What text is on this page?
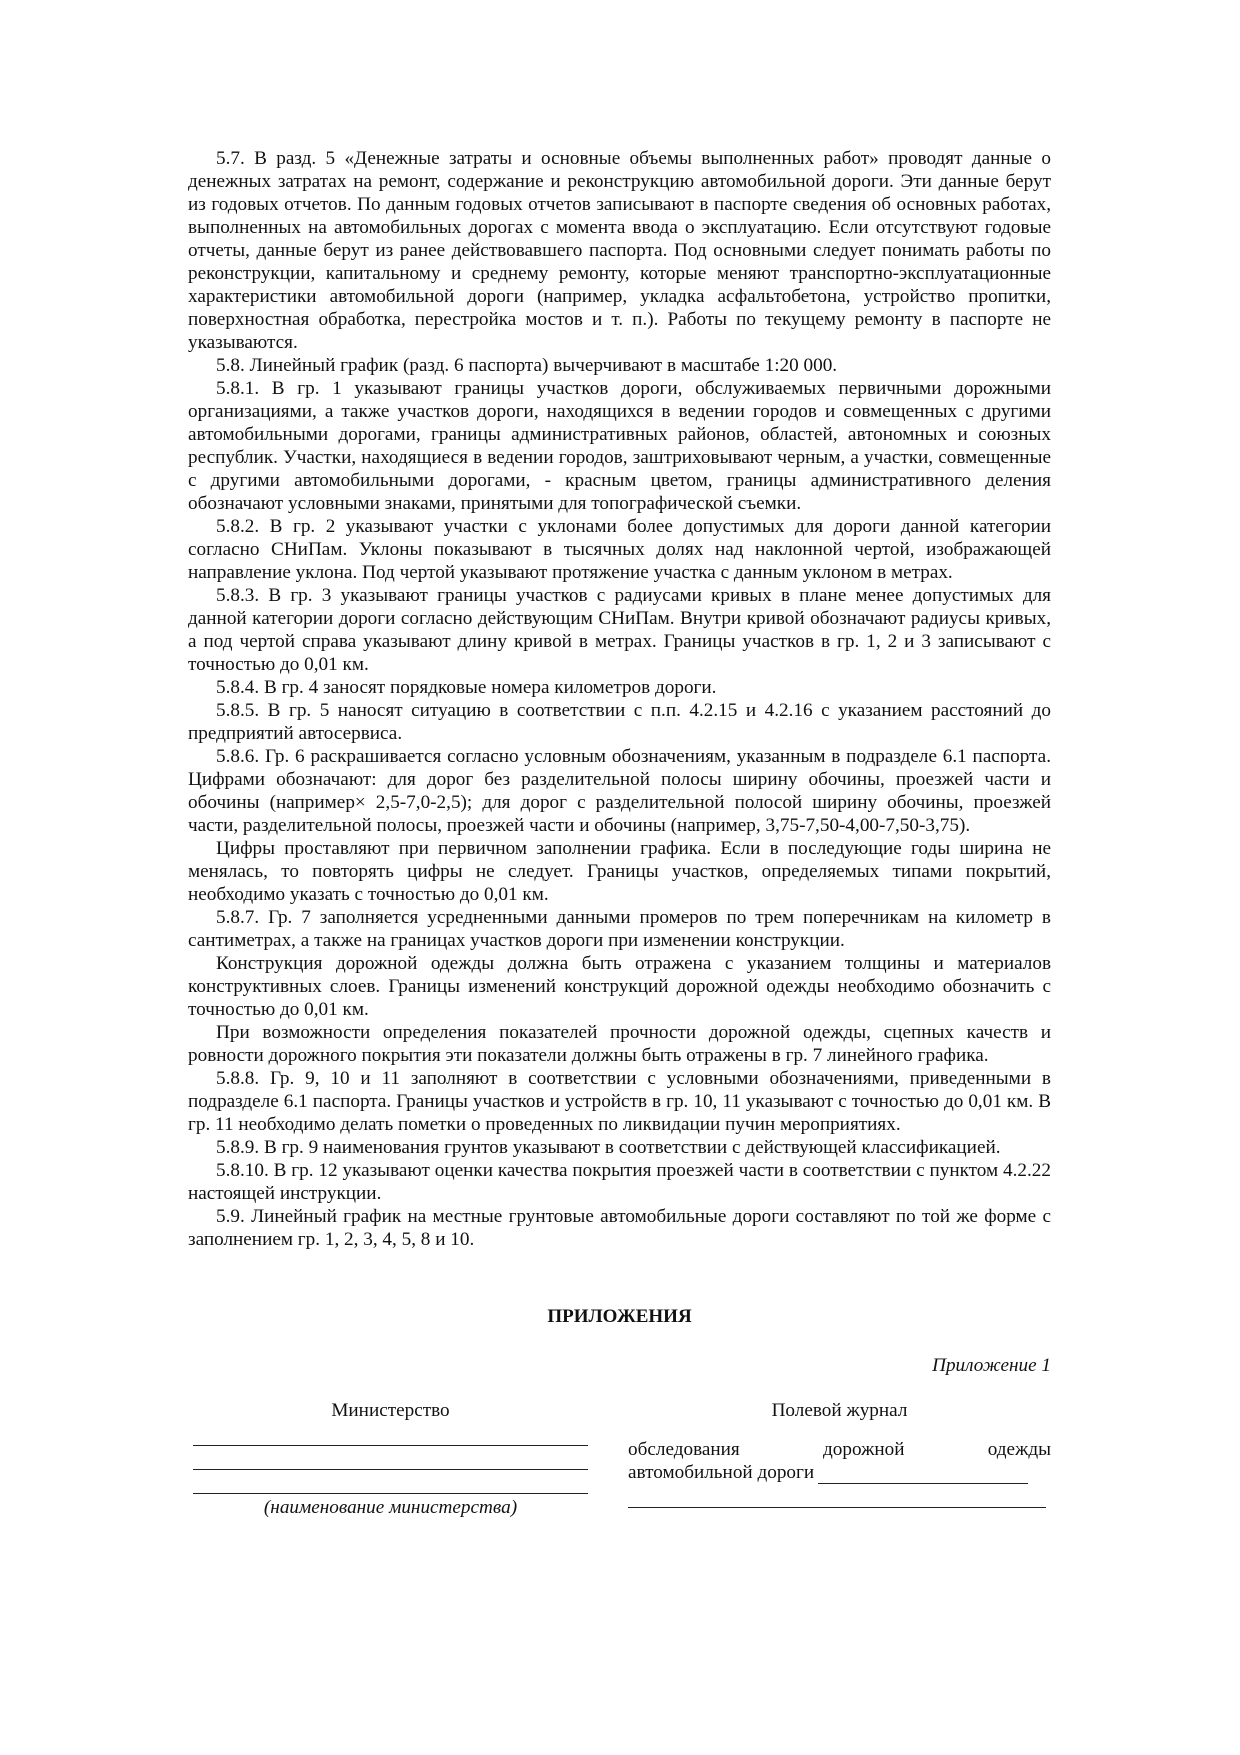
5.7. В разд. 5 «Денежные затраты и основные объемы выполненных работ» проводят данные о денежных затратах на ремонт, содержание и реконструкцию автомобильной дороги. Эти данные берут из годовых отчетов. По данным годовых отчетов записывают в паспорте сведения об основных работах, выполненных на автомобильных дорогах с момента ввода о эксплуатацию. Если отсутствуют годовые отчеты, данные берут из ранее действовавшего паспорта. Под основными следует понимать работы по реконструкции, капитальному и среднему ремонту, которые меняют транспортно-эксплуатационные характеристики автомобильной дороги (например, укладка асфальтобетона, устройство пропитки, поверхностная обработка, перестройка мостов и т. п.). Работы по текущему ремонту в паспорте не указываются.

5.8. Линейный график (разд. 6 паспорта) вычерчивают в масштабе 1:20 000.

5.8.1. В гр. 1 указывают границы участков дороги, обслуживаемых первичными дорожными организациями, а также участков дороги, находящихся в ведении городов и совмещенных с другими автомобильными дорогами, границы административных районов, областей, автономных и союзных республик. Участки, находящиеся в ведении городов, заштриховывают черным, а участки, совмещенные с другими автомобильными дорогами, - красным цветом, границы административного деления обозначают условными знаками, принятыми для топографической съемки.

5.8.2. В гр. 2 указывают участки с уклонами более допустимых для дороги данной категории согласно СНиПам. Уклоны показывают в тысячных долях над наклонной чертой, изображающей направление уклона. Под чертой указывают протяжение участка с данным уклоном в метрах.

5.8.3. В гр. 3 указывают границы участков с радиусами кривых в плане менее допустимых для данной категории дороги согласно действующим СНиПам. Внутри кривой обозначают радиусы кривых, а под чертой справа указывают длину кривой в метрах. Границы участков в гр. 1, 2 и 3 записывают с точностью до 0,01 км.

5.8.4. В гр. 4 заносят порядковые номера километров дороги.

5.8.5. В гр. 5 наносят ситуацию в соответствии с п.п. 4.2.15 и 4.2.16 с указанием расстояний до предприятий автосервиса.

5.8.6. Гр. 6 раскрашивается согласно условным обозначениям, указанным в подразделе 6.1 паспорта. Цифрами обозначают: для дорог без разделительной полосы ширину обочины, проезжей части и обочины (например× 2,5-7,0-2,5); для дорог с разделительной полосой ширину обочины, проезжей части, разделительной полосы, проезжей части и обочины (например, 3,75-7,50-4,00-7,50-3,75).

Цифры проставляют при первичном заполнении графика. Если в последующие годы ширина не менялась, то повторять цифры не следует. Границы участков, определяемых типами покрытий, необходимо указать с точностью до 0,01 км.

5.8.7. Гр. 7 заполняется усредненными данными промеров по трем поперечникам на километр в сантиметрах, а также на границах участков дороги при изменении конструкции.

Конструкция дорожной одежды должна быть отражена с указанием толщины и материалов конструктивных слоев. Границы изменений конструкций дорожной одежды необходимо обозначить с точностью до 0,01 км.

При возможности определения показателей прочности дорожной одежды, сцепных качеств и ровности дорожного покрытия эти показатели должны быть отражены в гр. 7 линейного графика.

5.8.8. Гр. 9, 10 и 11 заполняют в соответствии с условными обозначениями, приведенными в подразделе 6.1 паспорта. Границы участков и устройств в гр. 10, 11 указывают с точностью до 0,01 км. В гр. 11 необходимо делать пометки о проведенных по ликвидации пучин мероприятиях.

5.8.9. В гр. 9 наименования грунтов указывают в соответствии с действующей классификацией.

5.8.10. В гр. 12 указывают оценки качества покрытия проезжей части в соответствии с пунктом 4.2.22 настоящей инструкции.

5.9. Линейный график на местные грунтовые автомобильные дороги составляют по той же форме с заполнением гр. 1, 2, 3, 4, 5, 8 и 10.

ПРИЛОЖЕНИЯ
Приложение 1
Министерство
(наименование министерства)
Полевой журнал
обследования	дорожной	одежды
автомобильной дороги
